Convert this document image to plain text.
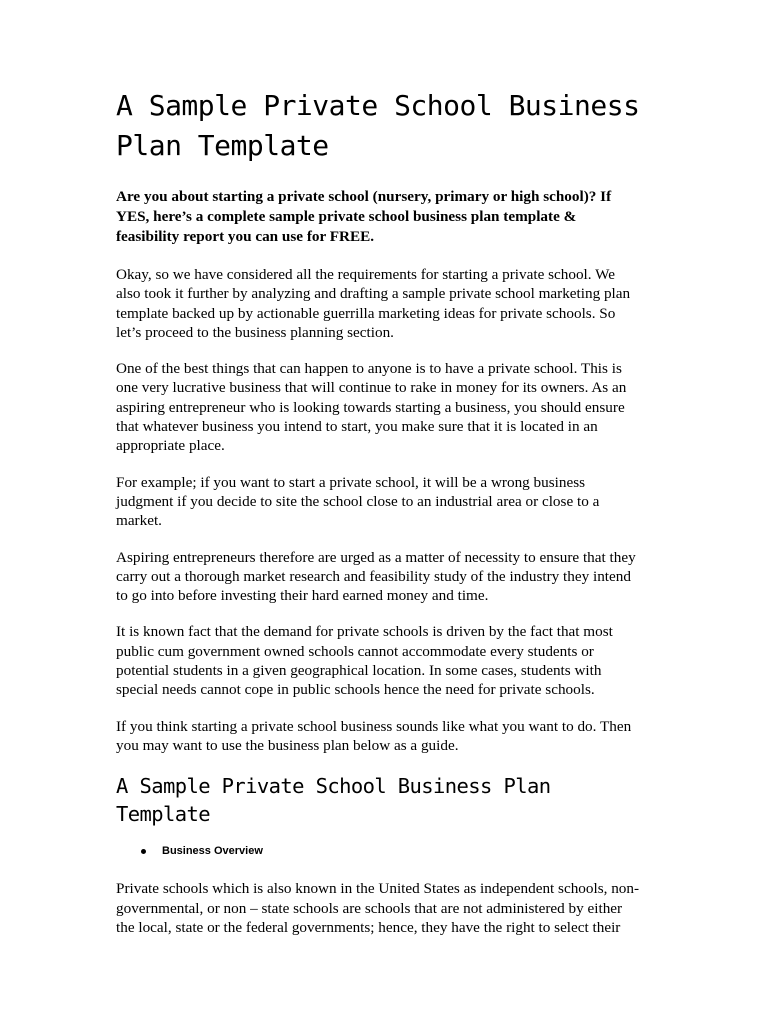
A Sample Private School Business
Plan Template

Are you about starting a private school (nursery, primary or high school)? If
YES, here’s a complete sample private school business plan template &
feasibility report you can use for FREE.

Okay, so we have considered all the requirements for starting a private school. We
also took it further by analyzing and drafting a sample private school marketing plan
template backed up by actionable guerrilla marketing ideas for private schools. So
let’s proceed to the business planning section.

One of the best things that can happen to anyone is to have a private school. This is
one very lucrative business that will continue to rake in money for its owners. As an
aspiring entrepreneur who is looking towards starting a business, you should ensure
that whatever business you intend to start, you make sure that it is located in an
appropriate place.

For example; if you want to start a private school, it will be a wrong business
judgment if you decide to site the school close to an industrial area or close to a
market.

Aspiring entrepreneurs therefore are urged as a matter of necessity to ensure that they
carry out a thorough market research and feasibility study of the industry they intend
to go into before investing their hard earned money and time.

It is known fact that the demand for private schools is driven by the fact that most
public cum government owned schools cannot accommodate every students or
potential students in a given geographical location. In some cases, students with
special needs cannot cope in public schools hence the need for private schools.

If you think starting a private school business sounds like what you want to do. Then
you may want to use the business plan below as a guide.

A Sample Private School Business Plan Template
Business Overview

Private schools which is also known in the United States as independent schools, non-
governmental, or non – state schools are schools that are not administered by either
the local, state or the federal governments; hence, they have the right to select their
